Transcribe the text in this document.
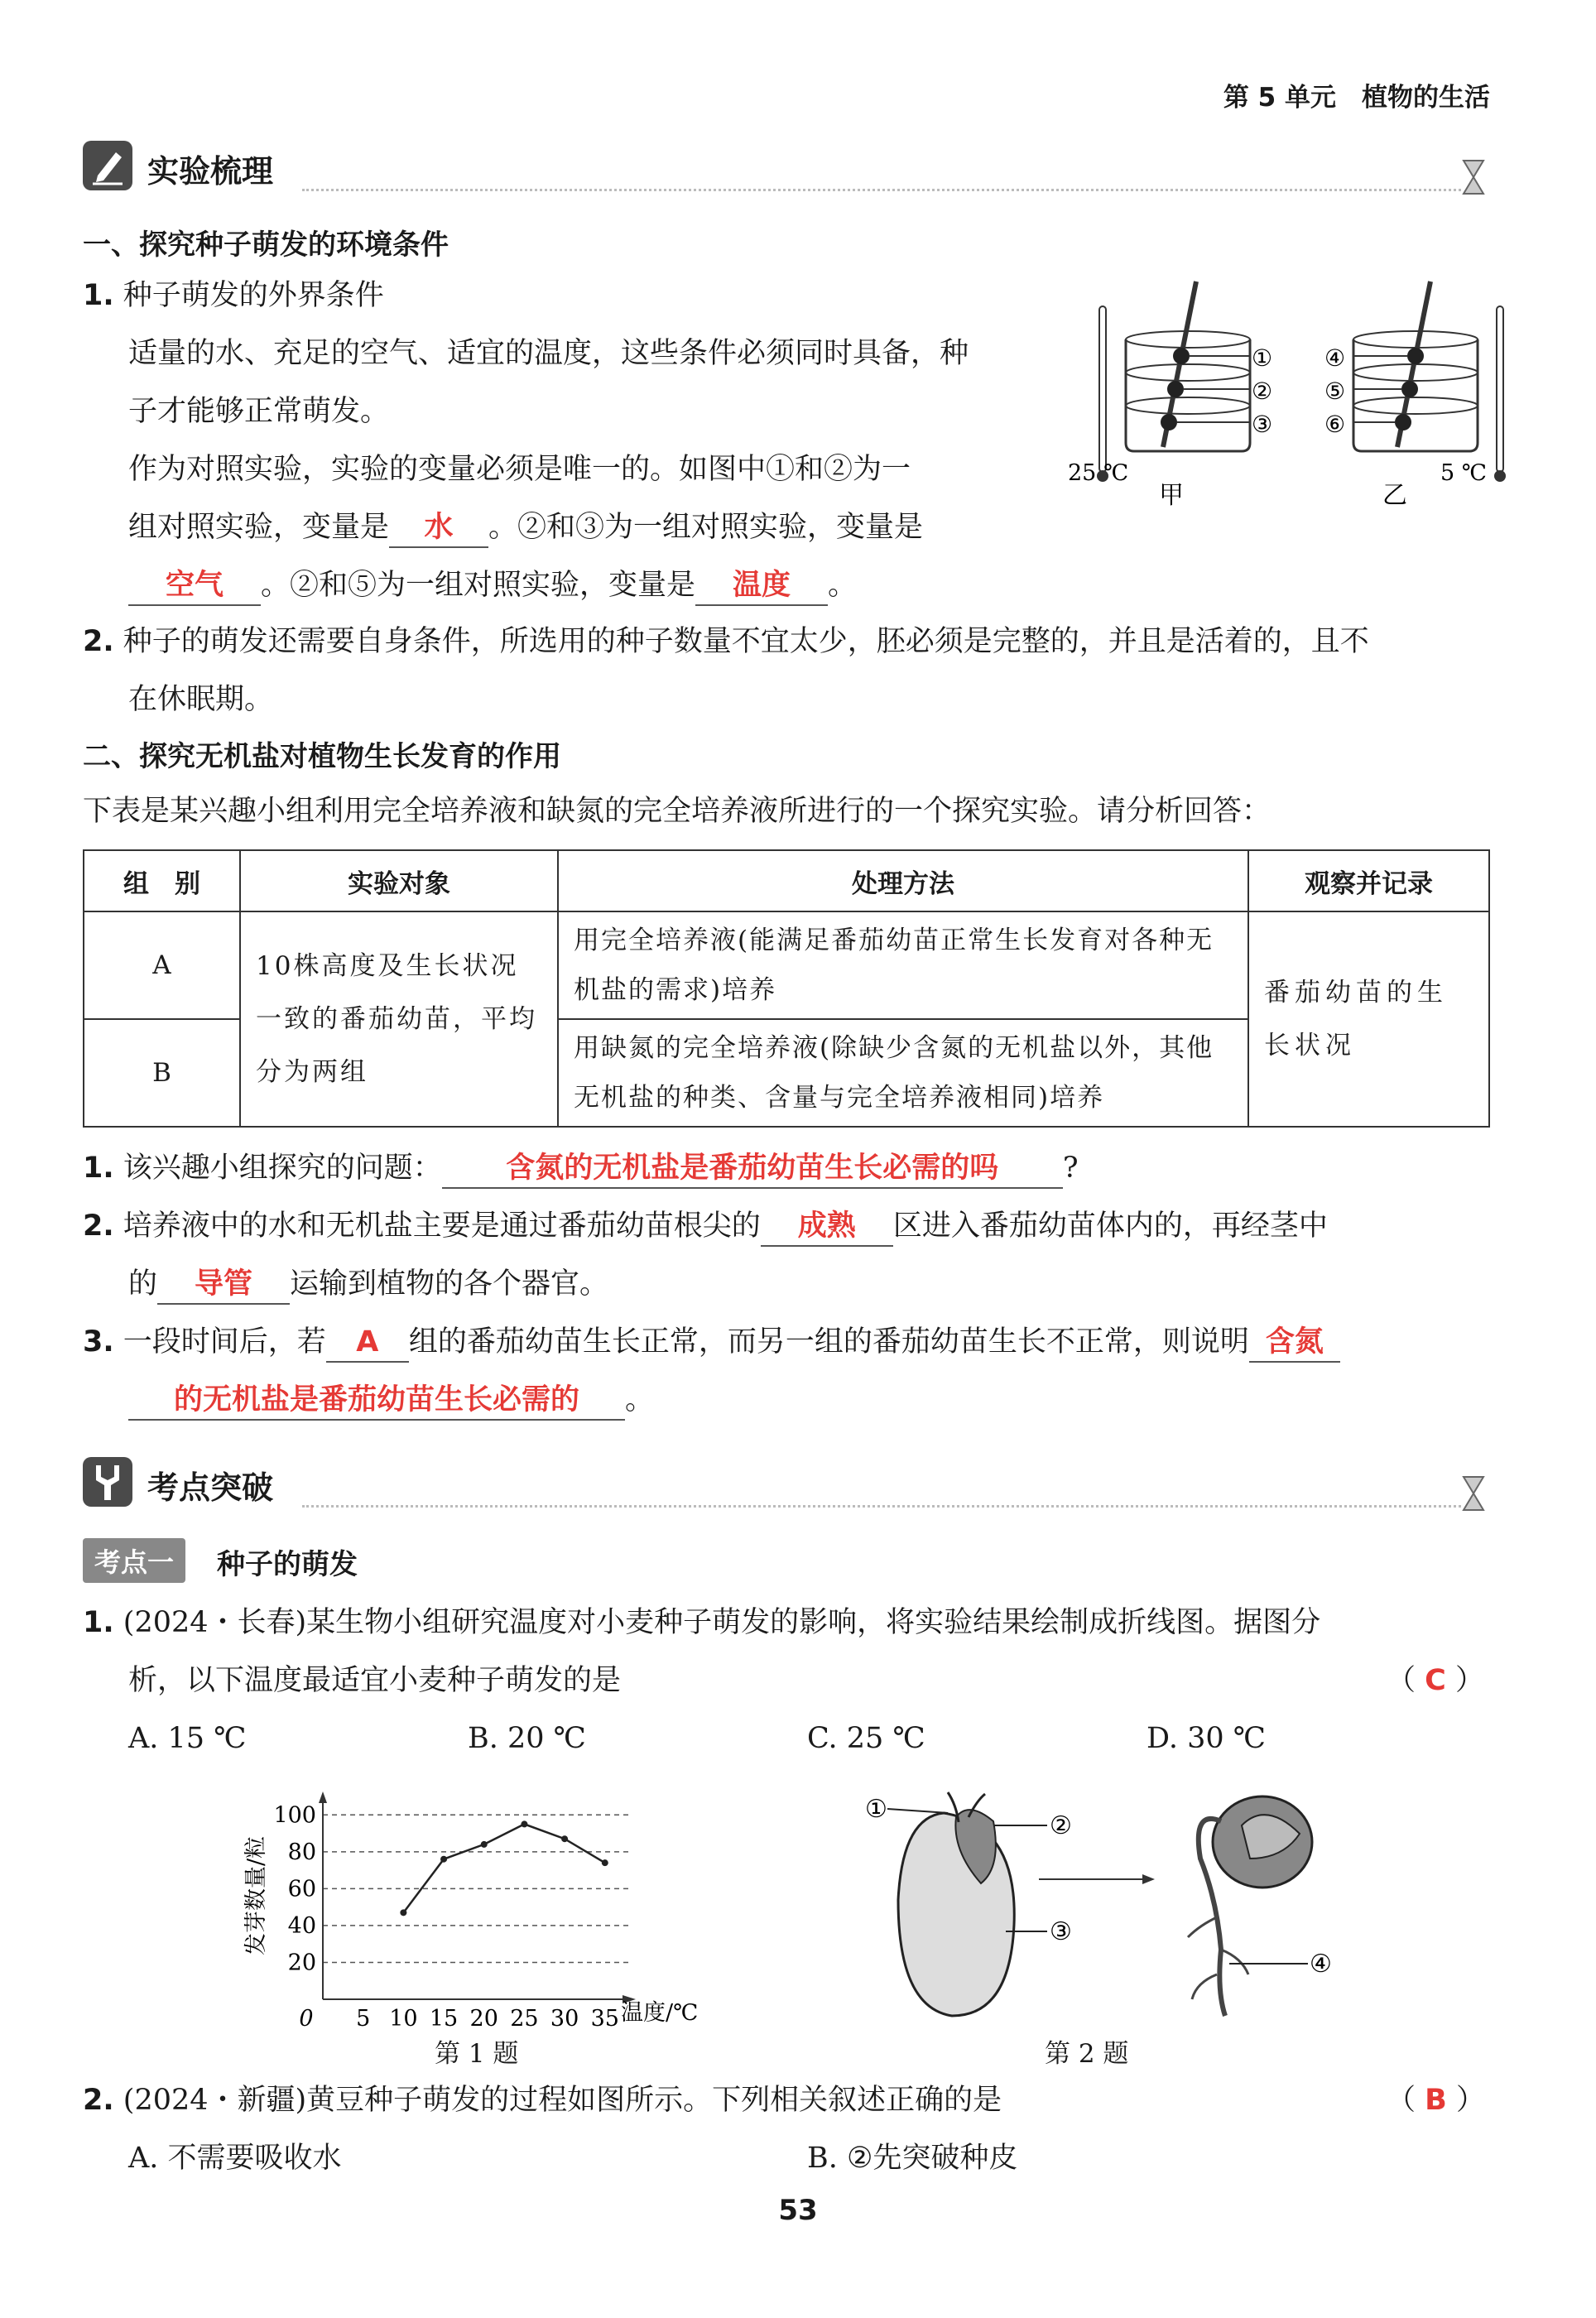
第 5 单元　植物的生活
实验梳理
一、探究种子萌发的环境条件
1. 种子萌发的外界条件
适量的水、充足的空气、适宜的温度，这些条件必须同时具备，种
子才能够正常萌发。
作为对照实验，实验的变量必须是唯一的。如图中①和②为一
组对照实验，变量是 水 。②和③为一组对照实验，变量是
空气 。②和⑤为一组对照实验，变量是 温度 。
①
②
③
④
⑤
⑥
25 ℃	5 ℃
甲	乙
2. 种子的萌发还需要自身条件，所选用的种子数量不宜太少，胚必须是完整的，并且是活着的，且不
在休眠期。
二、探究无机盐对植物生长发育的作用
下表是某兴趣小组利用完全培养液和缺氮的完全培养液所进行的一个探究实验。请分析回答：
组　别	实验对象	处理方法	观察并记录
A	10株高度及生长状况一致的番茄幼苗，平均分为两组	用完全培养液(能满足番茄幼苗正常生长发育对各种无机盐的需求)培养	番茄幼苗的生长状况
B		用缺氮的完全培养液(除缺少含氮的无机盐以外，其他无机盐的种类、含量与完全培养液相同)培养	
1. 该兴趣小组探究的问题： 含氮的无机盐是番茄幼苗生长必需的吗 ?
2. 培养液中的水和无机盐主要是通过番茄幼苗根尖的 成熟 区进入番茄幼苗体内的，再经茎中
的 导管 运输到植物的各个器官。
3. 一段时间后，若 A 组的番茄幼苗生长正常，而另一组的番茄幼苗生长不正常，则说明 含氮
的无机盐是番茄幼苗生长必需的 。
考点突破
考点一	种子的萌发
1. (2024・长春)某生物小组研究温度对小麦种子萌发的影响，将实验结果绘制成折线图。据图分
析，以下温度最适宜小麦种子萌发的是	（ C ）
A. 15 ℃	B. 20 ℃	C. 25 ℃	D. 30 ℃
20
40
60
80
100
0 5 10 15 20 25 30 35
发芽数量/粒
温度/℃
第 1 题
①
②
③
④
第 2 题
2. (2024・新疆)黄豆种子萌发的过程如图所示。下列相关叙述正确的是	（ B ）
A. 不需要吸收水	B. ②先突破种皮
53
